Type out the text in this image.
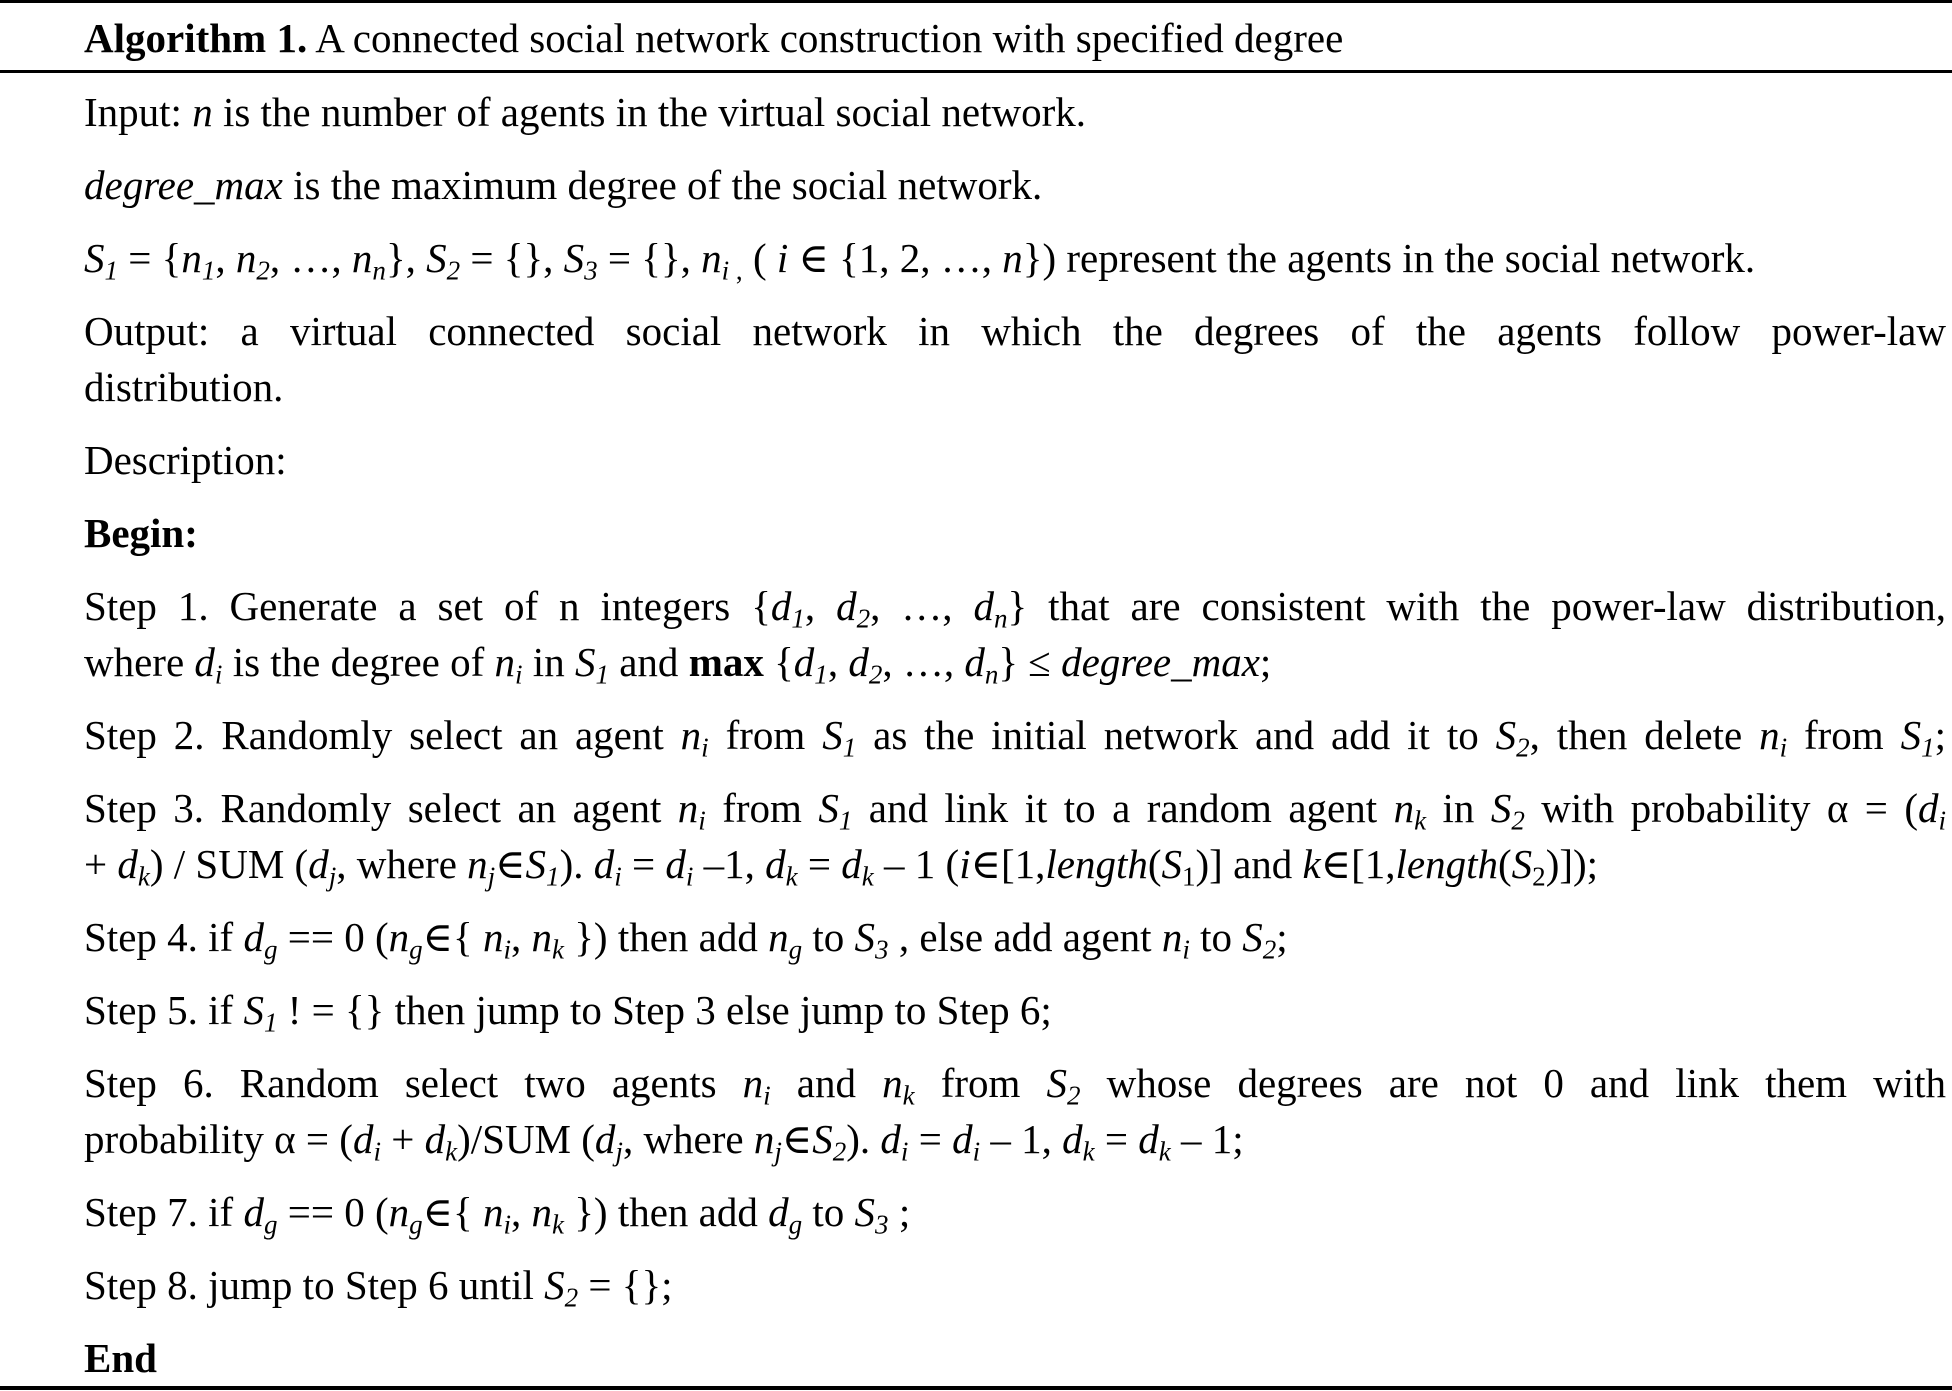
Algorithm 1. A connected social network construction with specified degree
Input: n is the number of agents in the virtual social network.
degree_max is the maximum degree of the social network.
$S_1 = \{n_1$, $n_2$, …, $n_n$}, $S_2$ = {}, $S_3$ = {}, $n_i$ $_,$ ( i ∈ {1, 2, …, n}) represent the agents in the social network.
Output: a virtual connected social network in which the degrees of the agents follow power-law
distribution.
Description:
Begin:
Step 1. Generate a set of n integers {$d_1$, $d_2$, …, $d_n$} that are consistent with the power-law distribution,
where $d_i$ is the degree of $n_i$ in $S_1$ and $\max \{d_1$, $d_2$, …, $d_n$} ≤ degree_max;
Step 2. Randomly select an agent $n_i$ from $S_1$ as the initial network and add it to $S_2$, then delete $n_i$ from $S_1$;
Step 3. Randomly select an agent $n_i$ from $S_1$ and link it to a random agent $n_k$ in $S_2$ with probability $\alpha = (d_i$
+ $d_k$) / SUM ($d_j$, where $n_j\in S_1$). $d_i = d_i$ –1, $d_k = d_k - 1$ ($i\in[1,length(S_1)]$ and $k\in[1,length(S_2)]$);
Step 4. if $d_g == 0$ ($n_g\in${ $n_i$, $n_k$ }) then add $n_g$ to $S_3$ , else add agent $n_i$ to $S_2$;
Step 5. if $S_1$ ! = {} then jump to Step 3 else jump to Step 6;
Step 6. Random select two agents $n_i$ and $n_k$ from $S_2$ whose degrees are not 0 and link them with
probability $\alpha = (d_i + d_k)/SUM$ ($d_j$, where $n_j\in S_2$). $d_i = d_i - 1$, $d_k = d_k - 1$;
Step 7. if $d_g == 0$ ($n_g\in${ $n_i$, $n_k$ }) then add $d_g$ to $S_3$ ;
Step 8. jump to Step 6 until $S_2$ = {};
End
